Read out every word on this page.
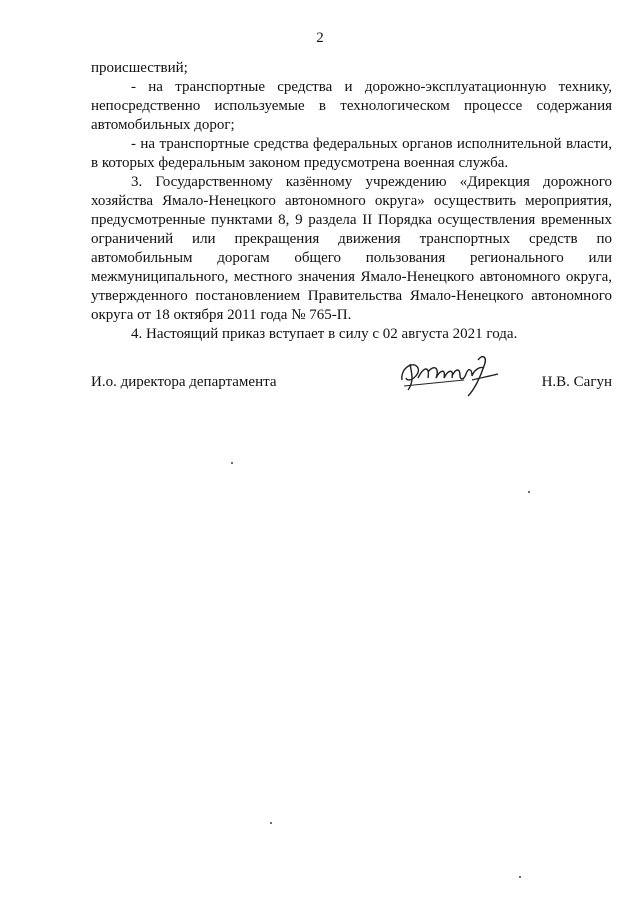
2

происшествий;

- на транспортные средства и дорожно-эксплуатационную технику, непосредственно используемые в технологическом процессе содержания автомобильных дорог;

- на транспортные средства федеральных органов исполнительной власти, в которых федеральным законом предусмотрена военная служба.

3. Государственному казённому учреждению «Дирекция дорожного хозяйства Ямало-Ненецкого автономного округа» осуществить мероприятия, предусмотренные пунктами 8, 9 раздела II Порядка осуществления временных ограничений или прекращения движения транспортных средств по автомобильным дорогам общего пользования регионального или межмуниципального, местного значения Ямало-Ненецкого автономного округа, утвержденного постановлением Правительства Ямало-Ненецкого автономного округа от 18 октября 2011 года № 765-П.

4. Настоящий приказ вступает в силу с 02 августа 2021 года.

И.о. директора департамента	Н.В. Сагун
